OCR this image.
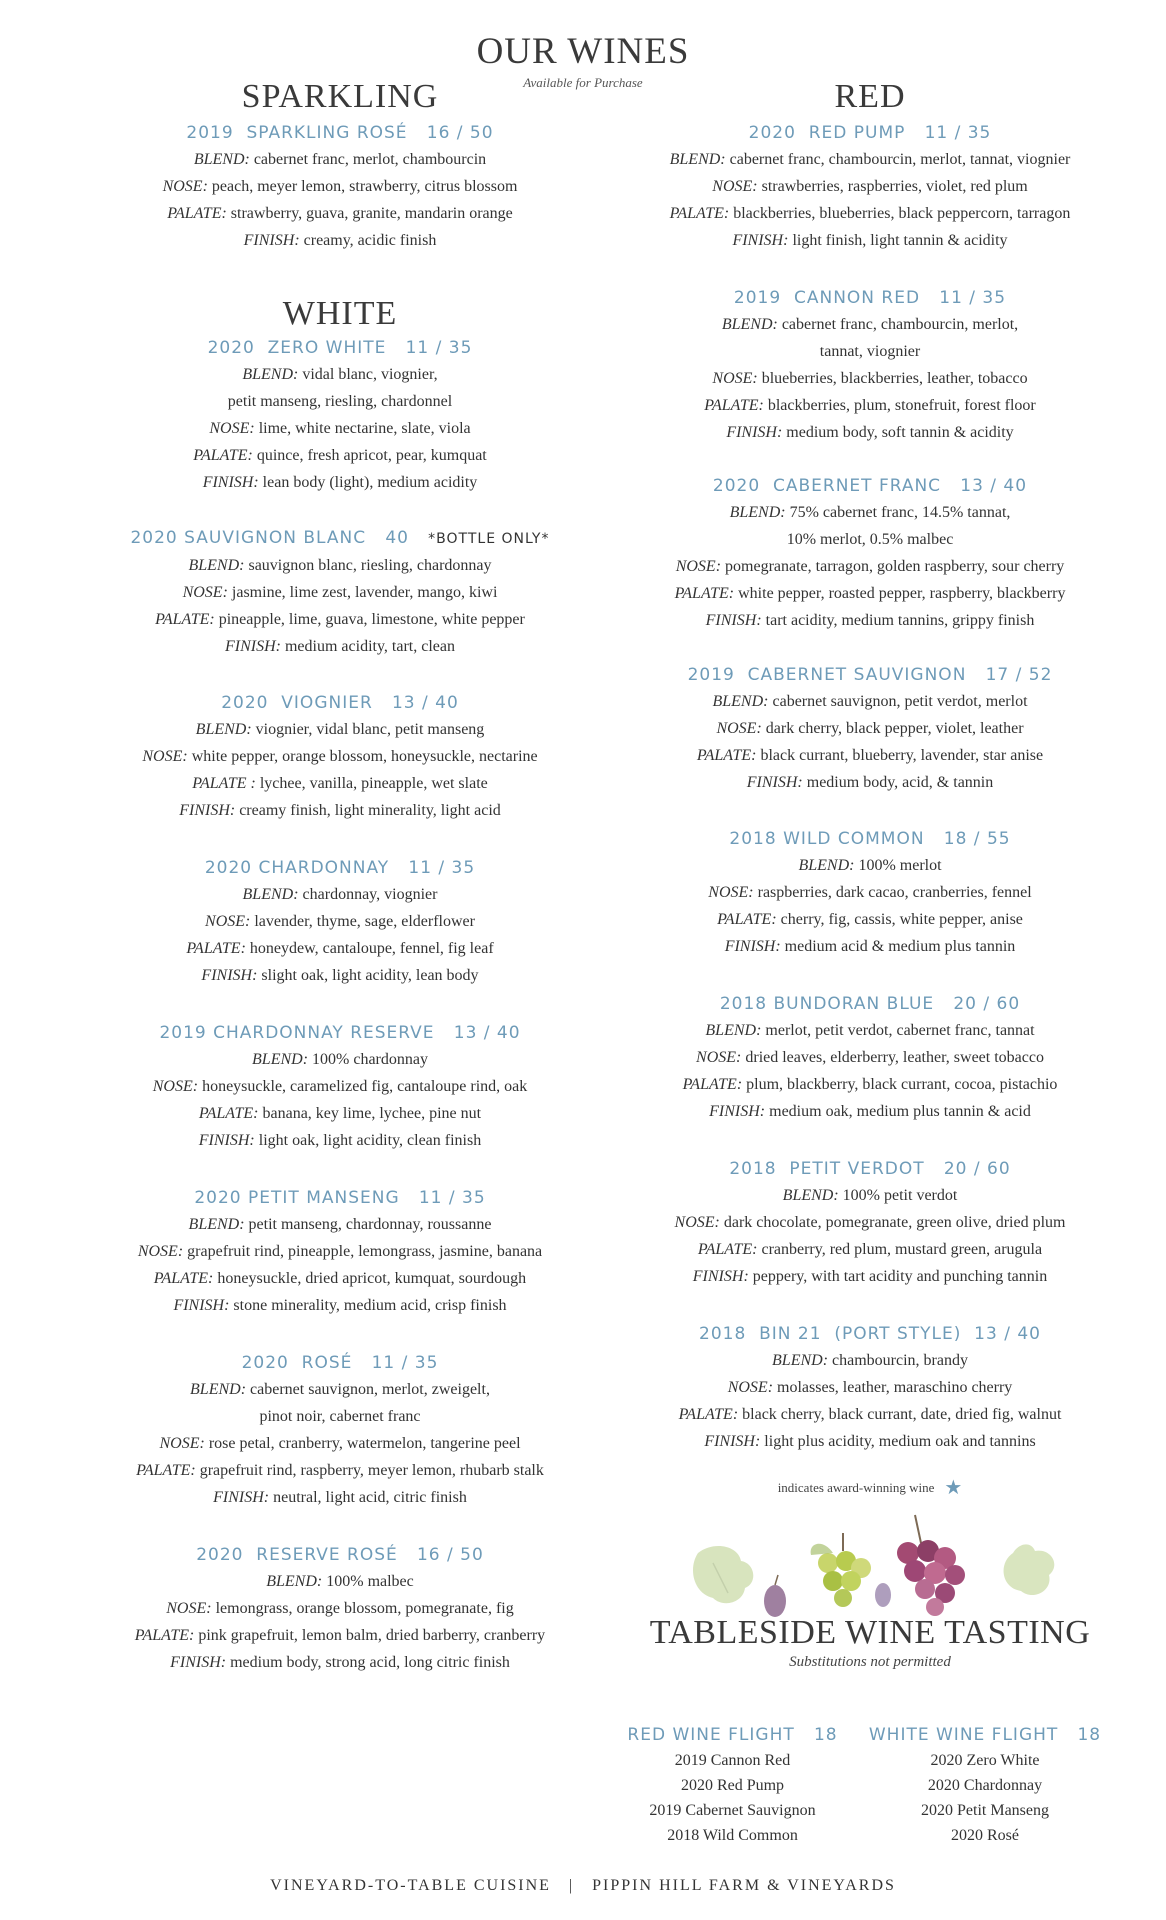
OUR WINES
Available for Purchase
SPARKLING
2019  SPARKLING ROSÉ   16 / 50
BLEND: cabernet franc, merlot, chambourcin
NOSE: peach, meyer lemon, strawberry, citrus blossom
PALATE: strawberry, guava, granite, mandarin orange
FINISH: creamy, acidic finish
WHITE
2020  ZERO WHITE   11 / 35
BLEND: vidal blanc, viognier,
petit manseng, riesling, chardonnel
NOSE: lime, white nectarine, slate, viola
PALATE: quince, fresh apricot, pear, kumquat
FINISH: lean body (light), medium acidity
2020 SAUVIGNON BLANC   40 *BOTTLE ONLY*
BLEND: sauvignon blanc, riesling, chardonnay
NOSE: jasmine, lime zest, lavender, mango, kiwi
PALATE: pineapple, lime, guava, limestone, white pepper
FINISH: medium acidity, tart, clean
2020  VIOGNIER   13 / 40
BLEND: viognier, vidal blanc, petit manseng
NOSE: white pepper, orange blossom, honeysuckle, nectarine
PALATE : lychee, vanilla, pineapple, wet slate
FINISH: creamy finish, light minerality, light acid
2020 CHARDONNAY   11 / 35
BLEND: chardonnay, viognier
NOSE: lavender, thyme, sage, elderflower
PALATE: honeydew, cantaloupe, fennel, fig leaf
FINISH: slight oak, light acidity, lean body
2019 CHARDONNAY RESERVE   13 / 40
BLEND: 100% chardonnay
NOSE: honeysuckle, caramelized fig, cantaloupe rind, oak
PALATE: banana, key lime, lychee, pine nut
FINISH: light oak, light acidity, clean finish
2020 PETIT MANSENG   11 / 35
BLEND: petit manseng, chardonnay, roussanne
NOSE: grapefruit rind, pineapple, lemongrass, jasmine, banana
PALATE: honeysuckle, dried apricot, kumquat, sourdough
FINISH: stone minerality, medium acid, crisp finish
2020  ROSÉ   11 / 35
BLEND: cabernet sauvignon, merlot, zweigelt,
pinot noir, cabernet franc
NOSE: rose petal, cranberry, watermelon, tangerine peel
PALATE: grapefruit rind, raspberry, meyer lemon, rhubarb stalk
FINISH: neutral, light acid, citric finish
2020  RESERVE ROSÉ   16 / 50
BLEND: 100% malbec
NOSE: lemongrass, orange blossom, pomegranate, fig
PALATE: pink grapefruit, lemon balm, dried barberry, cranberry
FINISH: medium body, strong acid, long citric finish
RED
2020  RED PUMP   11 / 35
BLEND: cabernet franc, chambourcin, merlot, tannat, viognier
NOSE: strawberries, raspberries, violet, red plum
PALATE: blackberries, blueberries, black peppercorn, tarragon
FINISH: light finish, light tannin & acidity
2019  CANNON RED   11 / 35
BLEND: cabernet franc, chambourcin, merlot,
tannat, viognier
NOSE: blueberries, blackberries, leather, tobacco
PALATE: blackberries, plum, stonefruit, forest floor
FINISH: medium body, soft tannin & acidity
2020  CABERNET FRANC   13 / 40
BLEND: 75% cabernet franc, 14.5% tannat,
10% merlot, 0.5% malbec
NOSE: pomegranate, tarragon, golden raspberry, sour cherry
PALATE: white pepper, roasted pepper, raspberry, blackberry
FINISH: tart acidity, medium tannins, grippy finish
2019  CABERNET SAUVIGNON   17 / 52
BLEND: cabernet sauvignon, petit verdot, merlot
NOSE: dark cherry, black pepper, violet, leather
PALATE: black currant, blueberry, lavender, star anise
FINISH: medium body, acid, & tannin
2018 WILD COMMON   18 / 55
BLEND: 100% merlot
NOSE: raspberries, dark cacao, cranberries, fennel
PALATE: cherry, fig, cassis, white pepper, anise
FINISH: medium acid & medium plus tannin
2018 BUNDORAN BLUE   20 / 60
BLEND: merlot, petit verdot, cabernet franc, tannat
NOSE: dried leaves, elderberry, leather, sweet tobacco
PALATE: plum, blackberry, black currant, cocoa, pistachio
FINISH: medium oak, medium plus tannin & acid
2018  PETIT VERDOT   20 / 60
BLEND: 100% petit verdot
NOSE: dark chocolate, pomegranate, green olive, dried plum
PALATE: cranberry, red plum, mustard green, arugula
FINISH: peppery, with tart acidity and punching tannin
2018  BIN 21  (PORT STYLE)  13 / 40
BLEND: chambourcin, brandy
NOSE: molasses, leather, maraschino cherry
PALATE: black cherry, black currant, date, dried fig, walnut
FINISH: light plus acidity, medium oak and tannins
indicates award-winning wine ★
TABLESIDE WINE TASTING
Substitutions not permitted
RED WINE FLIGHT   18
2019 Cannon Red
2020 Red Pump
2019 Cabernet Sauvignon
2018 Wild Common
WHITE WINE FLIGHT   18
2020 Zero White
2020 Chardonnay
2020 Petit Manseng
2020 Rosé
VINEYARD-TO-TABLE CUISINE   |   PIPPIN HILL FARM & VINEYARDS
